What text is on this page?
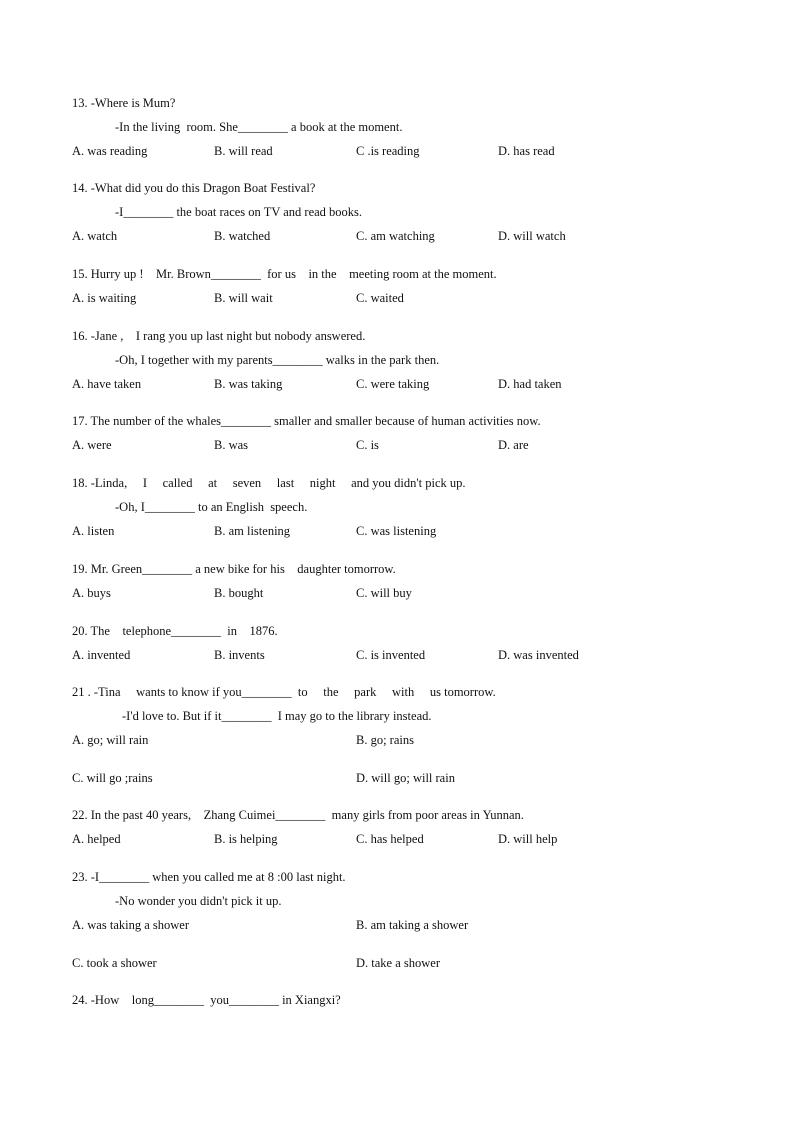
13. -Where is Mum?
-In the living  room. She________ a book at the moment.
A. was reading	B. will read	C .is reading	D. has read
14. -What did you do this Dragon Boat Festival?
-I________ the boat races on TV and read books.
A. watch	B. watched	C. am watching	D. will watch
15. Hurry up !    Mr. Brown________  for us    in the    meeting room at the moment.
A. is waiting	B. will wait	C. waited
16. -Jane ,    I rang you up last night but nobody answered.
-Oh, I together with my parents________ walks in the park then.
A. have taken	B. was taking	C. were taking	D. had taken
17. The number of the whales________ smaller and smaller because of human activities now.
A. were	B. was	C. is	D. are
18. -Linda,     I     called     at     seven     last     night     and you didn't pick up.
-Oh, I________ to an English  speech.
A. listen	B. am listening	C. was listening
19. Mr. Green________ a new bike for his    daughter tomorrow.
A. buys	B. bought	C. will buy
20. The    telephone________  in    1876.
A. invented	B. invents	C. is invented	D. was invented
21 . -Tina     wants to know if you________  to     the     park     with     us tomorrow.
-I'd love to. But if it________  I may go to the library instead.
A. go; will rain	B. go; rains
C. will go ;rains	D. will go; will rain
22. In the past 40 years,    Zhang Cuimei________  many girls from poor areas in Yunnan.
A. helped	B. is helping	C. has helped	D. will help
23. -I________ when you called me at 8 :00 last night.
-No wonder you didn't pick it up.
A. was taking a shower	B. am taking a shower
C. took a shower	D. take a shower
24. -How    long________  you________ in Xiangxi?
